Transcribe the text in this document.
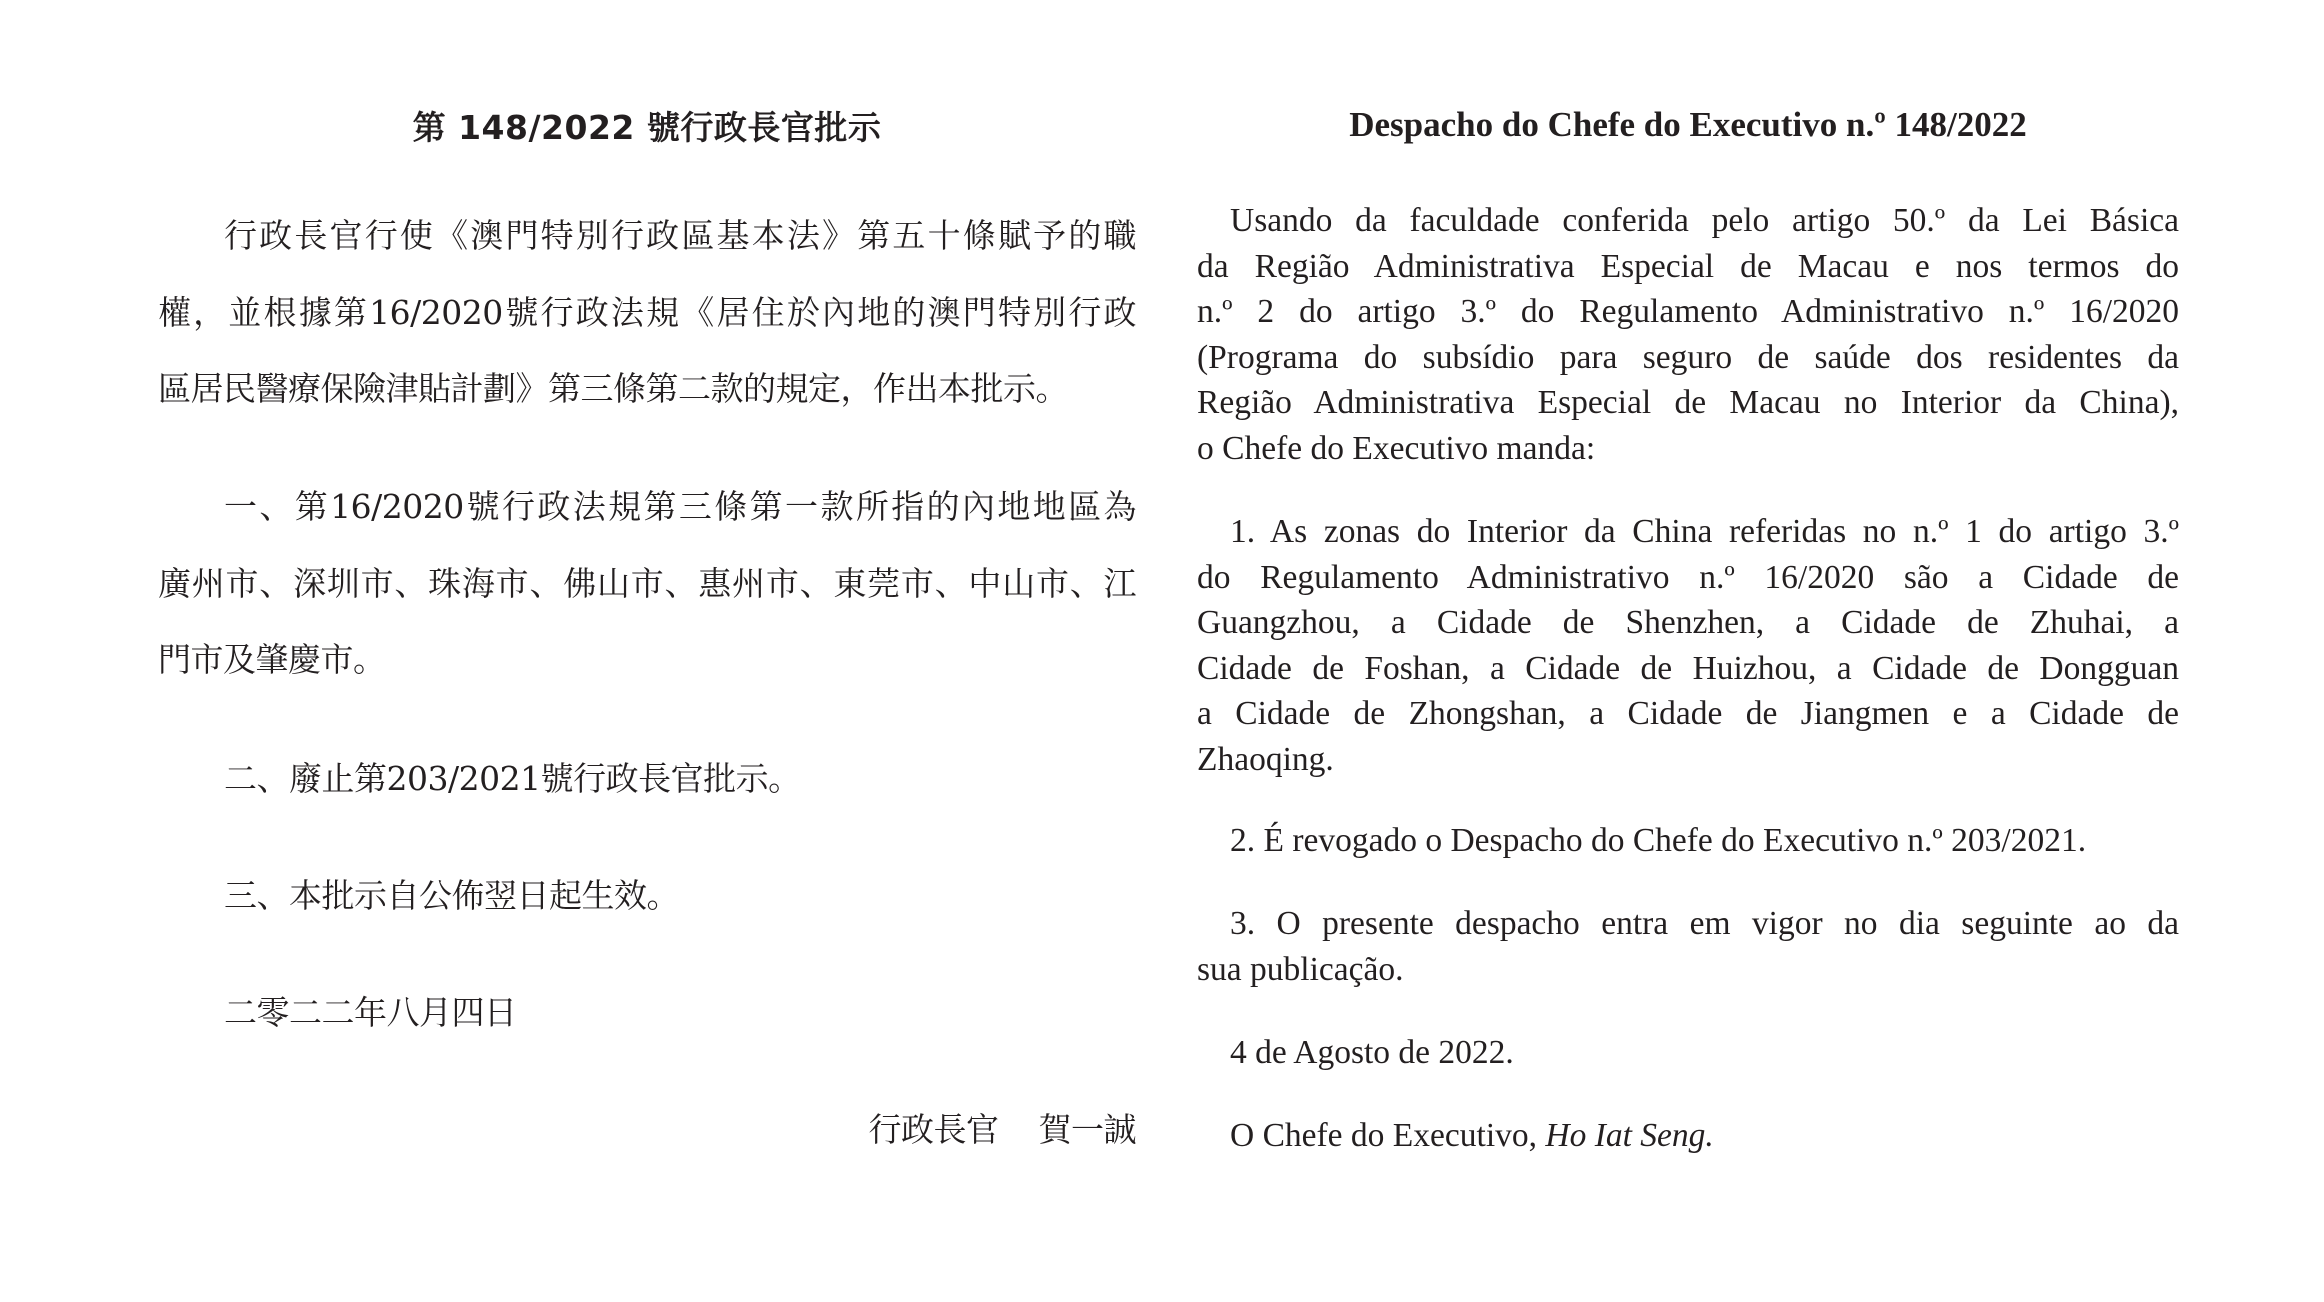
第 148/2022 號行政長官批示
行政長官行使《澳門特別行政區基本法》第五十條賦予的職
權，並根據第16/2020號行政法規《居住於內地的澳門特別行政
區居民醫療保險津貼計劃》第三條第二款的規定，作出本批示。
一、第16/2020號行政法規第三條第一款所指的內地地區為
廣州市、深圳市、珠海市、佛山市、惠州市、東莞市、中山市、江
門市及肇慶市。
二、廢止第203/2021號行政長官批示。
三、本批示自公佈翌日起生效。
二零二二年八月四日
行政長官 賀一誠
Despacho do Chefe do Executivo n.º 148/2022
Usando da faculdade conferida pelo artigo 50.º da Lei Básica
da Região Administrativa Especial de Macau e nos termos do
n.º 2 do artigo 3.º do Regulamento Administrativo n.º 16/2020
(Programa do subsídio para seguro de saúde dos residentes da
Região Administrativa Especial de Macau no Interior da China),
o Chefe do Executivo manda:
1. As zonas do Interior da China referidas no n.º 1 do artigo 3.º
do Regulamento Administrativo n.º 16/2020 são a Cidade de
Guangzhou, a Cidade de Shenzhen, a Cidade de Zhuhai, a
Cidade de Foshan, a Cidade de Huizhou, a Cidade de Dongguan
a Cidade de Zhongshan, a Cidade de Jiangmen e a Cidade de
Zhaoqing.
2. É revogado o Despacho do Chefe do Executivo n.º 203/2021.
3. O presente despacho entra em vigor no dia seguinte ao da
sua publicação.
4 de Agosto de 2022.
O Chefe do Executivo, Ho Iat Seng.
